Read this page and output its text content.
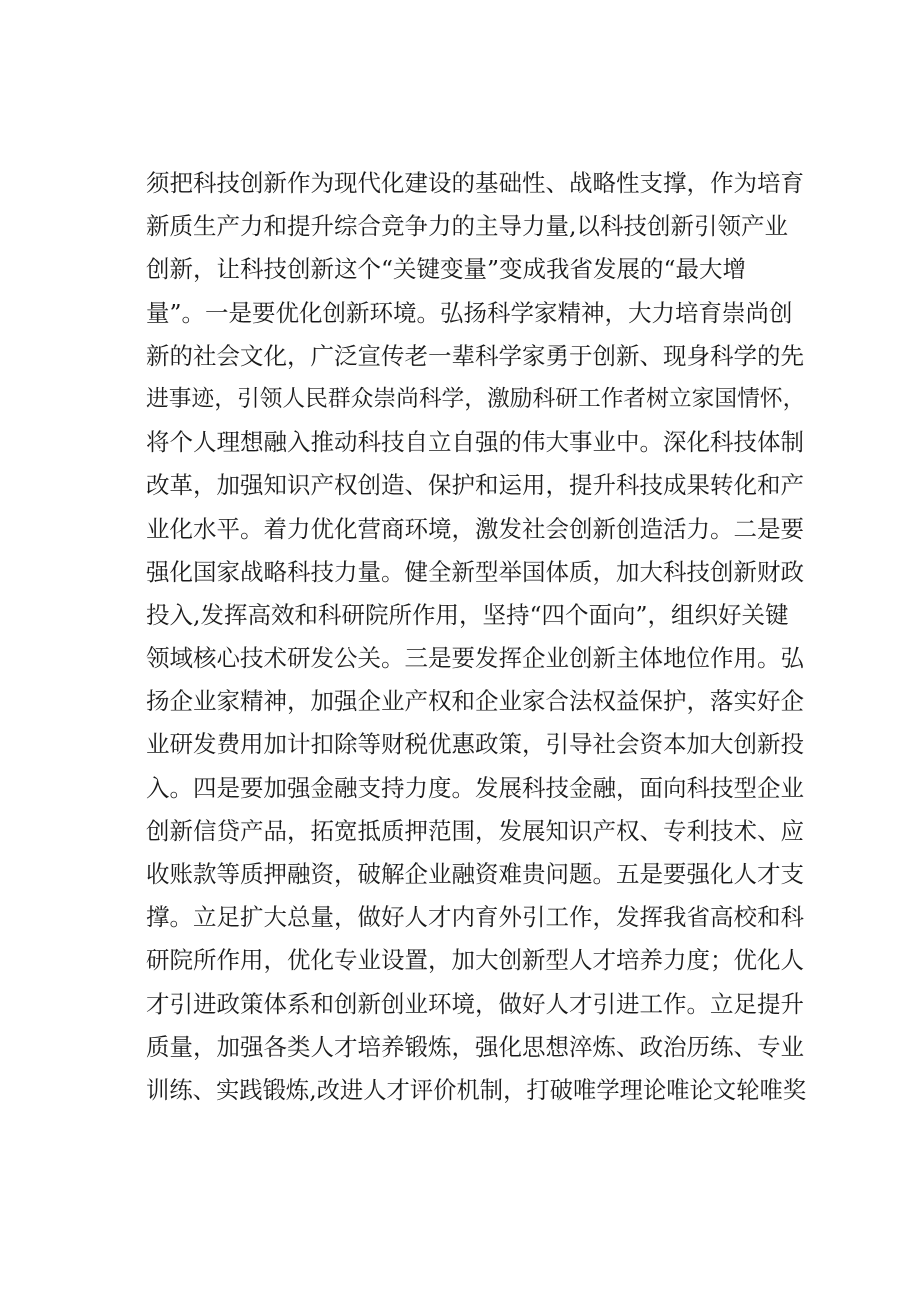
须把科技创新作为现代化建设的基础性、战略性支撑，作为培育
新质生产力和提升综合竞争力的主导力量,以科技创新引领产业
创新，让科技创新这个“关键变量”变成我省发展的“最大增
量”。一是要优化创新环境。弘扬科学家精神，大力培育崇尚创
新的社会文化，广泛宣传老一辈科学家勇于创新、现身科学的先
进事迹，引领人民群众崇尚科学，激励科研工作者树立家国情怀，
将个人理想融入推动科技自立自强的伟大事业中。深化科技体制
改革，加强知识产权创造、保护和运用，提升科技成果转化和产
业化水平。着力优化营商环境，激发社会创新创造活力。二是要
强化国家战略科技力量。健全新型举国体质，加大科技创新财政
投入,发挥高效和科研院所作用，坚持“四个面向”，组织好关键
领域核心技术研发公关。三是要发挥企业创新主体地位作用。弘
扬企业家精神，加强企业产权和企业家合法权益保护，落实好企
业研发费用加计扣除等财税优惠政策，引导社会资本加大创新投
入。四是要加强金融支持力度。发展科技金融，面向科技型企业
创新信贷产品，拓宽抵质押范围，发展知识产权、专利技术、应
收账款等质押融资，破解企业融资难贵问题。五是要强化人才支
撑。立足扩大总量，做好人才内育外引工作，发挥我省高校和科
研院所作用，优化专业设置，加大创新型人才培养力度；优化人
才引进政策体系和创新创业环境，做好人才引进工作。立足提升
质量，加强各类人才培养锻炼，强化思想淬炼、政治历练、专业
训练、实践锻炼,改进人才评价机制，打破唯学理论唯论文轮唯奖
